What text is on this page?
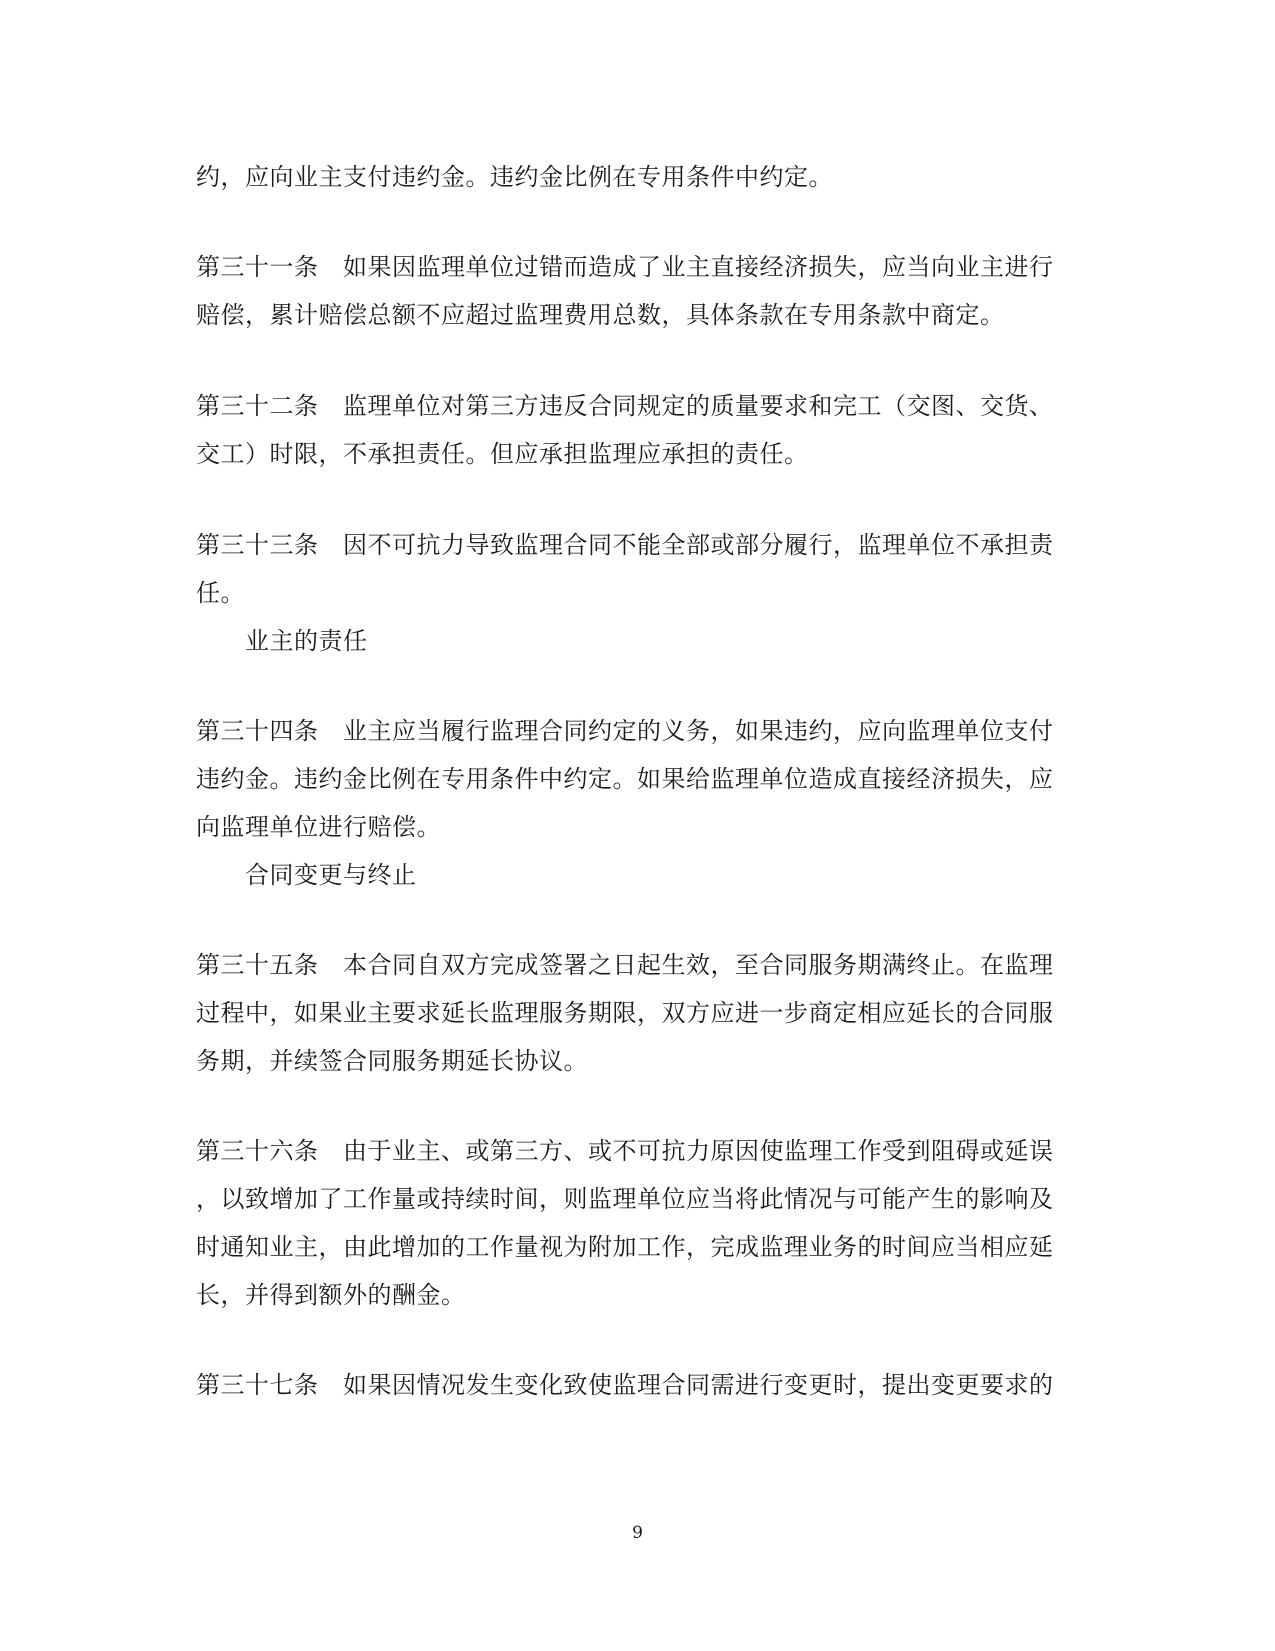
约，应向业主支付违约金。违约金比例在专用条件中约定。
第三十一条　如果因监理单位过错而造成了业主直接经济损失，应当向业主进行
赔偿，累计赔偿总额不应超过监理费用总数，具体条款在专用条款中商定。
第三十二条　监理单位对第三方违反合同规定的质量要求和完工（交图、交货、
交工）时限，不承担责任。但应承担监理应承担的责任。
第三十三条　因不可抗力导致监理合同不能全部或部分履行，监理单位不承担责
任。
业主的责任
第三十四条　业主应当履行监理合同约定的义务，如果违约，应向监理单位支付
违约金。违约金比例在专用条件中约定。如果给监理单位造成直接经济损失，应
向监理单位进行赔偿。
合同变更与终止
第三十五条　本合同自双方完成签署之日起生效，至合同服务期满终止。在监理
过程中，如果业主要求延长监理服务期限，双方应进一步商定相应延长的合同服
务期，并续签合同服务期延长协议。
第三十六条　由于业主、或第三方、或不可抗力原因使监理工作受到阻碍或延误
，以致增加了工作量或持续时间，则监理单位应当将此情况与可能产生的影响及
时通知业主，由此增加的工作量视为附加工作，完成监理业务的时间应当相应延
长，并得到额外的酬金。
第三十七条　如果因情况发生变化致使监理合同需进行变更时，提出变更要求的
9
